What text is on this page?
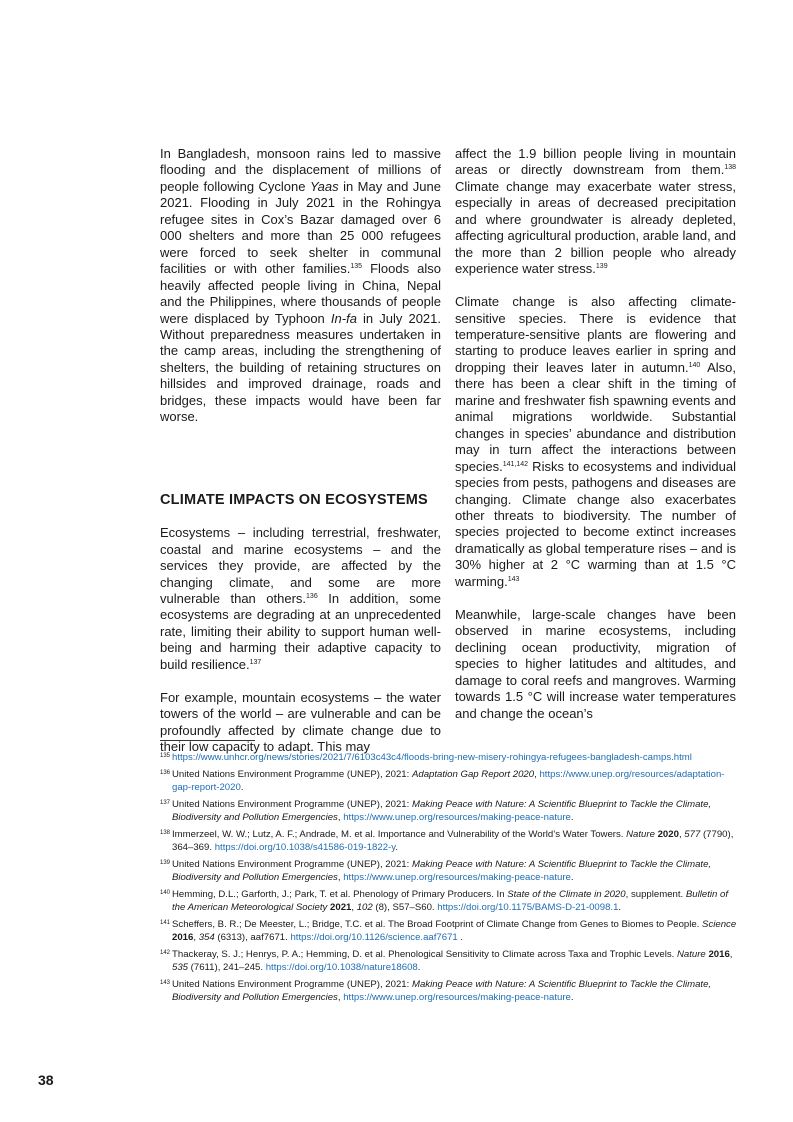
In Bangladesh, monsoon rains led to massive flooding and the displacement of millions of people following Cyclone Yaas in May and June 2021. Flooding in July 2021 in the Rohingya refugee sites in Cox’s Bazar damaged over 6 000 shelters and more than 25 000 refugees were forced to seek shelter in communal facilities or with other families.$^{135}$ Floods also heavily affected people living in China, Nepal and the Philippines, where thousands of people were displaced by Typhoon In-fa in July 2021. Without preparedness measures undertaken in the camp areas, including the strengthening of shelters, the building of retaining structures on hillsides and improved drainage, roads and bridges, these impacts would have been far worse.

CLIMATE IMPACTS ON ECOSYSTEMS

Ecosystems – including terrestrial, freshwater, coastal and marine ecosystems – and the services they provide, are affected by the changing climate, and some are more vulnerable than others.$^{136}$ In addition, some ecosystems are degrading at an unprecedented rate, limiting their ability to support human well-being and harming their adaptive capacity to build resilience.$^{137}$

For example, mountain ecosystems – the water towers of the world – are vulnerable and can be profoundly affected by climate change due to their low capacity to adapt. This may

affect the 1.9 billion people living in mountain areas or directly downstream from them.$^{138}$ Climate change may exacerbate water stress, especially in areas of decreased precipitation and where groundwater is already depleted, affecting agricultural production, arable land, and the more than 2 billion people who already experience water stress.$^{139}$

Climate change is also affecting climate-sensitive species. There is evidence that temperature-sensitive plants are flowering and starting to produce leaves earlier in spring and dropping their leaves later in autumn.$^{140}$ Also, there has been a clear shift in the timing of marine and freshwater fish spawning events and animal migrations worldwide. Substantial changes in species’ abundance and distribution may in turn affect the interactions between species.$^{141,142}$ Risks to ecosystems and individual species from pests, pathogens and diseases are changing. Climate change also exacerbates other threats to biodiversity. The number of species projected to become extinct increases dramatically as global temperature rises – and is 30% higher at 2 °C warming than at 1.5 °C warming.$^{143}$

Meanwhile, large-scale changes have been observed in marine ecosystems, including declining ocean productivity, migration of species to higher latitudes and altitudes, and damage to coral reefs and mangroves. Warming towards 1.5 °C will increase water temperatures and change the ocean’s

135 https://www.unhcr.org/news/stories/2021/7/6103c43c4/floods-bring-new-misery-rohingya-refugees-bangladesh-camps.html
136 United Nations Environment Programme (UNEP), 2021: Adaptation Gap Report 2020, https://www.unep.org/resources/adaptation-gap-report-2020.
137 United Nations Environment Programme (UNEP), 2021: Making Peace with Nature: A Scientific Blueprint to Tackle the Climate, Biodiversity and Pollution Emergencies, https://www.unep.org/resources/making-peace-nature.
138 Immerzeel, W. W.; Lutz, A. F.; Andrade, M. et al. Importance and Vulnerability of the World’s Water Towers. Nature 2020, 577 (7790), 364–369. https://doi.org/10.1038/s41586-019-1822-y.
139 United Nations Environment Programme (UNEP), 2021: Making Peace with Nature: A Scientific Blueprint to Tackle the Climate, Biodiversity and Pollution Emergencies, https://www.unep.org/resources/making-peace-nature.
140 Hemming, D.L.; Garforth, J.; Park, T. et al. Phenology of Primary Producers. In State of the Climate in 2020, supplement. Bulletin of the American Meteorological Society 2021, 102 (8), S57–S60. https://doi.org/10.1175/BAMS-D-21-0098.1.
141 Scheffers, B. R.; De Meester, L.; Bridge, T.C. et al. The Broad Footprint of Climate Change from Genes to Biomes to People. Science 2016, 354 (6313), aaf7671. https://doi.org/10.1126/science.aaf7671 .
142 Thackeray, S. J.; Henrys, P. A.; Hemming, D. et al. Phenological Sensitivity to Climate across Taxa and Trophic Levels. Nature 2016, 535 (7611), 241–245. https://doi.org/10.1038/nature18608.
143 United Nations Environment Programme (UNEP), 2021: Making Peace with Nature: A Scientific Blueprint to Tackle the Climate, Biodiversity and Pollution Emergencies, https://www.unep.org/resources/making-peace-nature.
38
